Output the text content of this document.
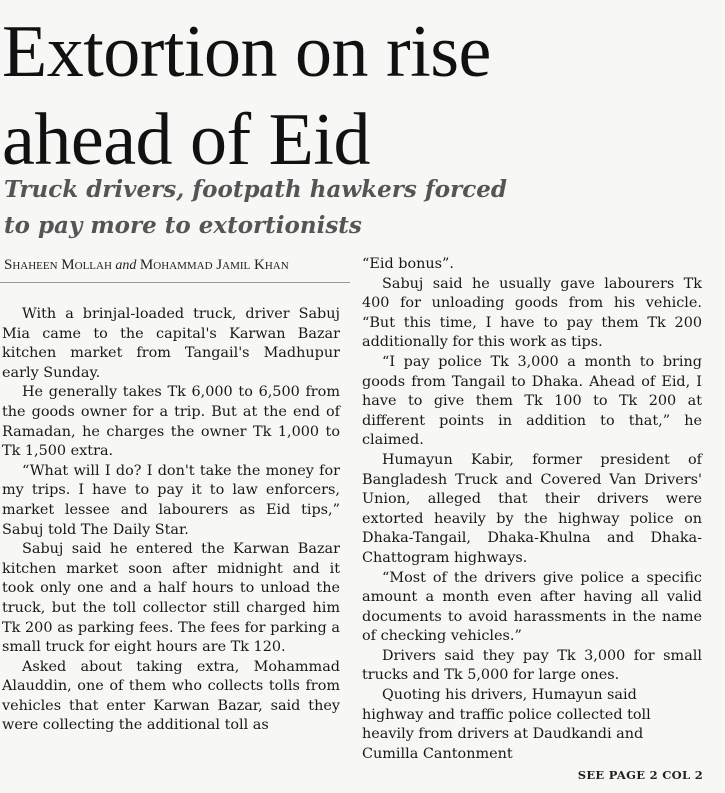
Extortion on rise
ahead of Eid
Truck drivers, footpath hawkers forced
to pay more to extortionists
Shaheen Mollah and Mohammad Jamil Khan

With a brinjal-loaded truck, driver Sabuj Mia came to the capital's Karwan Bazar kitchen market from Tangail's Madhupur early Sunday.

He generally takes Tk 6,000 to 6,500 from the goods owner for a trip. But at the end of Ramadan, he charges the owner Tk 1,000 to Tk 1,500 extra.

“What will I do? I don't take the money for my trips. I have to pay it to law enforcers, market lessee and labourers as Eid tips,” Sabuj told The Daily Star.

Sabuj said he entered the Karwan Bazar kitchen market soon after midnight and it took only one and a half hours to unload the truck, but the toll collector still charged him Tk 200 as parking fees. The fees for parking a small truck for eight hours are Tk 120.

Asked about taking extra, Mohammad Alauddin, one of them who collects tolls from vehicles that enter Karwan Bazar, said they were collecting the additional toll as

“Eid bonus”.

Sabuj said he usually gave labourers Tk 400 for unloading goods from his vehicle. “But this time, I have to pay them Tk 200 additionally for this work as tips.

“I pay police Tk 3,000 a month to bring goods from Tangail to Dhaka. Ahead of Eid, I have to give them Tk 100 to Tk 200 at different points in addition to that,” he claimed.

Humayun Kabir, former president of Bangladesh Truck and Covered Van Drivers' Union, alleged that their drivers were extorted heavily by the highway police on Dhaka-Tangail, Dhaka-Khulna and Dhaka-Chattogram highways.

“Most of the drivers give police a specific amount a month even after having all valid documents to avoid harassments in the name of checking vehicles.”

Drivers said they pay Tk 3,000 for small trucks and Tk 5,000 for large ones.

Quoting his drivers, Humayun said highway and traffic police collected toll heavily from drivers at Daudkandi and Cumilla Cantonment

SEE PAGE 2 COL 2
